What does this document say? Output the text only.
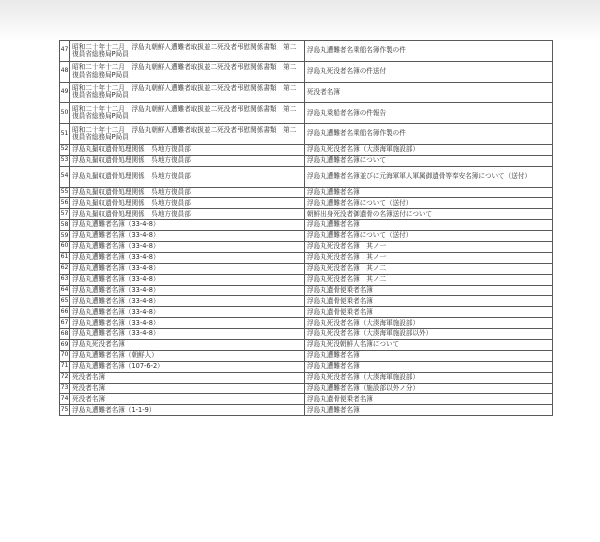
47	昭和二十年十二月　浮島丸朝鮮人遭難者取扱並二死没者弔慰関係書類　第二復員省総務局P局員	浮島丸遭難者名乗船名簿作製の件
48	昭和二十年十二月　浮島丸朝鮮人遭難者取扱並二死没者弔慰関係書類　第二復員省総務局P局員	浮島丸死没者名簿の件送付
49	昭和二十年十二月　浮島丸朝鮮人遭難者取扱並二死没者弔慰関係書類　第二復員省総務局P局員	死没者名簿
50	昭和二十年十二月　浮島丸朝鮮人遭難者取扱並二死没者弔慰関係書類　第二復員省総務局P局員	浮島丸乗船者名簿の件報告
51	昭和二十年十二月　浮島丸朝鮮人遭難者取扱並二死没者弔慰関係書類　第二復員省総務局P局員	浮島丸遭難者名乗船名簿作製の件
52	浮島丸撮収遺骨処理関係　呉地方復員部	浮島丸死没者名簿（大湊海軍施設部）
53	浮島丸撮収遺骨処理関係　呉地方復員部	浮島丸遭難者名簿について
54	浮島丸撮収遺骨処理関係　呉地方復員部	浮島丸遭難者名簿並びに元海軍軍人軍属御遺骨等奉安名簿について（送付）
55	浮島丸撮収遺骨処理関係　呉地方復員部	浮島丸遭難者名簿
56	浮島丸撮収遺骨処理関係　呉地方復員部	浮島丸遭難者名簿について（送付）
57	浮島丸撮収遺骨処理関係　呉地方復員部	朝鮮出身死没者御遺骨の名簿送付について
58	浮島丸遭難者名簿（33-4-8）	浮島丸遭難者名簿
59	浮島丸遭難者名簿（33-4-8）	浮島丸遭難者名簿について（送付）
60	浮島丸遭難者名簿（33-4-8）	浮島丸死没者名簿　其ノ一
61	浮島丸遭難者名簿（33-4-8）	浮島丸死没者名簿　其ノ一
62	浮島丸遭難者名簿（33-4-8）	浮島丸死没者名簿　其ノ二
63	浮島丸遭難者名簿（33-4-8）	浮島丸死没者名簿　其ノ二
64	浮島丸遭難者名簿（33-4-8）	浮島丸遺骨便乗者名簿
65	浮島丸遭難者名簿（33-4-8）	浮島丸遺骨便乗者名簿
66	浮島丸遭難者名簿（33-4-8）	浮島丸遺骨便乗者名簿
67	浮島丸遭難者名簿（33-4-8）	浮島丸死没者名簿（大湊海軍施設部）
68	浮島丸遭難者名簿（33-4-8）	浮島丸死没者名簿（大湊海軍施設部以外）
69	浮島丸死没者名簿	浮島丸死没朝鮮人名簿について
70	浮島丸遭難者名簿（朝鮮人）	浮島丸遭難者名簿
71	浮島丸遭難者名簿（107-6-2）	浮島丸遭難者名簿
72	死没者名簿	浮島丸死没者名簿（大湊海軍施設部）
73	死没者名簿	浮島丸遭難者名簿（施設部以外ノ分）
74	死没者名簿	浮島丸遺骨便乗者名簿
75	浮島丸遭難者名簿（1-1-9）	浮島丸遭難者名簿
